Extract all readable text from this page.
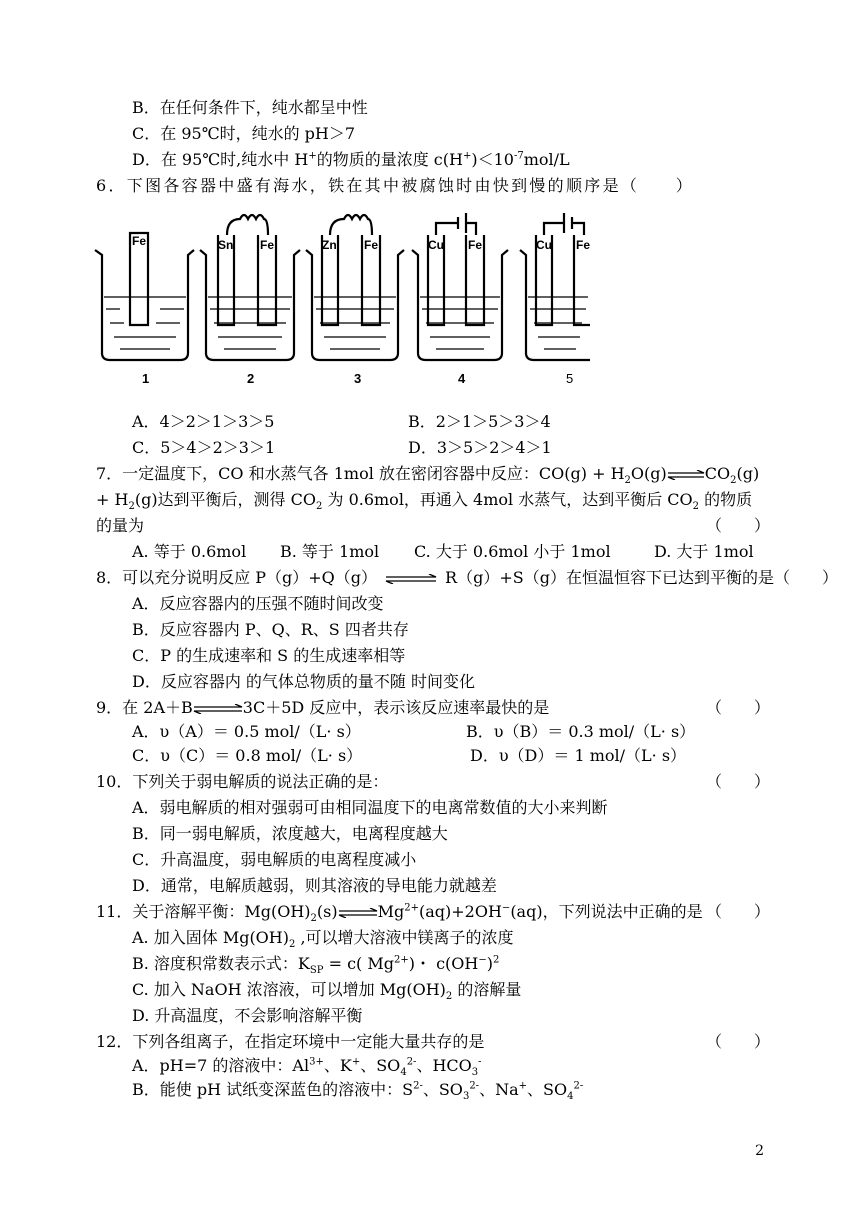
B．在任何条件下，纯水都呈中性
C．在 95℃时，纯水的 pH＞7
D．在 95℃时,纯水中 H+的物质的量浓度 $c(H^+)<10^{-7}mol/L$
6．下图各容器中盛有海水，铁在其中被腐蚀时由快到慢的顺序是（　　）
Fe	Sn Fe	Zn Fe	Cu Fe	Cu Fe
1	2	3	4	5
A．4＞2＞1＞3＞5	B．2＞1＞5＞3＞4
C．5＞4＞2＞3＞1	D．3＞5＞2＞4＞1
7．一定温度下，CO 和水蒸气各 1mol 放在密闭容器中反应：$CO(g) + H_2O(g)\rightleftharpoons CO_2(g)$
+ $H_2(g)$达到平衡后，测得 $CO_2$ 为 0.6mol，再通入 4mol 水蒸气，达到平衡后 $CO_2$ 的物质
的量为	（　　）
A. 等于 0.6mol B. 等于 1mol C. 大于 0.6mol 小于 1mol	D. 大于 1mol
8．可以充分说明反应 P（g）+Q（g） ⇌ R（g）+S（g）在恒温恒容下已达到平衡的是（　　）
A．反应容器内的压强不随时间改变
B．反应容器内 P、Q、R、S 四者共存
C．P 的生成速率和 S 的生成速率相等
D．反应容器内 的气体总物质的量不随 时间变化
9．在 2A＋B⇌3C＋5D 反应中，表示该反应速率最快的是	（　　）
A．υ（A）＝ 0.5 mol/（L· s）	B．υ（B）＝ 0.3 mol/（L· s）
C．υ（C）＝ 0.8 mol/（L· s）	D．υ（D）＝ 1 mol/（L· s）
10．下列关于弱电解质的说法正确的是：	（　　）
A．弱电解质的相对强弱可由相同温度下的电离常数值的大小来判断
B．同一弱电解质，浓度越大，电离程度越大
C．升高温度，弱电解质的电离程度减小
D．通常，电解质越弱，则其溶液的导电能力就越差
11．关于溶解平衡：$Mg(OH)_2(s)\rightleftharpoons Mg^{2+}(aq)+2OH^-(aq)$，下列说法中正确的是 （　　）
A. 加入固体 $Mg(OH)_2$ ,可以增大溶液中镁离子的浓度
B. 溶度积常数表示式：$K_{SP} = c$( $Mg^{2+}$)・ $c(OH^-)^2$
C. 加入 NaOH 浓溶液，可以增加 $Mg(OH)_2$ 的溶解量
D. 升高温度，不会影响溶解平衡
12．下列各组离子，在指定环境中一定能大量共存的是	（　　）
A．pH=7 的溶液中：$Al^{3+}$、K+、$SO_4^{2-}$、$HCO_3^-$
B．能使 pH 试纸变深蓝色的溶液中：$S^{2-}$、$SO_3^{2-}$、Na+、$SO_4^{2-}$
2
